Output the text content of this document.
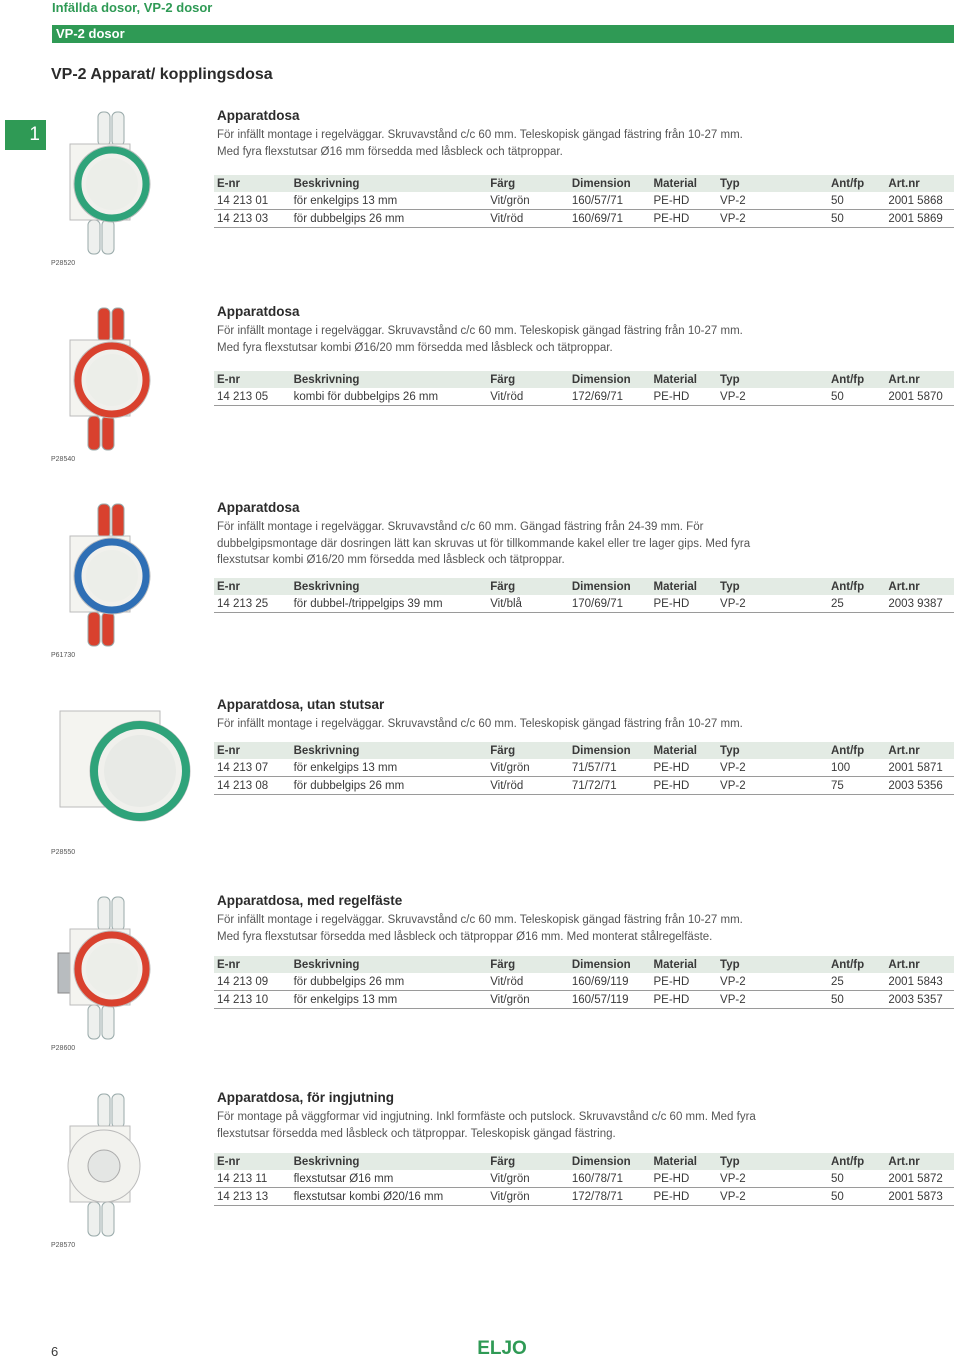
Infällda dosor, VP-2 dosor
VP-2 dosor
VP-2 Apparat/ kopplingsdosa
1
P28520
Apparatdosa
För infällt montage i regelväggar. Skruvavstånd c/c 60 mm. Teleskopisk gängad fästring från 10-27 mm. Med fyra flexstutsar Ø16 mm försedda med låsbleck och tätproppar.
E-nr	Beskrivning	Färg	Dimension	Material	Typ	Ant/fp	Art.nr
14 213 01	för enkelgips 13 mm	Vit/grön	160/57/71	PE-HD	VP-2	50	2001 5868
14 213 03	för dubbelgips 26 mm	Vit/röd	160/69/71	PE-HD	VP-2	50	2001 5869
P28540
Apparatdosa
För infällt montage i regelväggar. Skruvavstånd c/c 60 mm. Teleskopisk gängad fästring från 10-27 mm. Med fyra flexstutsar kombi Ø16/20 mm försedda med låsbleck och tätproppar.
E-nr	Beskrivning	Färg	Dimension	Material	Typ	Ant/fp	Art.nr
14 213 05	kombi för dubbelgips 26 mm	Vit/röd	172/69/71	PE-HD	VP-2	50	2001 5870
P61730
Apparatdosa
För infällt montage i regelväggar. Skruvavstånd c/c 60 mm. Gängad fästring från 24-39 mm. För dubbelgipsmontage där dosringen lätt kan skruvas ut för tillkommande kakel eller tre lager gips. Med fyra flexstutsar kombi Ø16/20 mm försedda med låsbleck och tätproppar.
E-nr	Beskrivning	Färg	Dimension	Material	Typ	Ant/fp	Art.nr
14 213 25	för dubbel-/trippelgips 39 mm	Vit/blå	170/69/71	PE-HD	VP-2	25	2003 9387
P28550
Apparatdosa, utan stutsar
För infällt montage i regelväggar. Skruvavstånd c/c 60 mm. Teleskopisk gängad fästring från 10-27 mm.
E-nr	Beskrivning	Färg	Dimension	Material	Typ	Ant/fp	Art.nr
14 213 07	för enkelgips 13 mm	Vit/grön	71/57/71	PE-HD	VP-2	100	2001 5871
14 213 08	för dubbelgips 26 mm	Vit/röd	71/72/71	PE-HD	VP-2	75	2003 5356
P28600
Apparatdosa, med regelfäste
För infällt montage i regelväggar. Skruvavstånd c/c 60 mm. Teleskopisk gängad fästring från 10-27 mm. Med fyra flexstutsar försedda med låsbleck och tätproppar Ø16 mm. Med monterat stålregelfäste.
E-nr	Beskrivning	Färg	Dimension	Material	Typ	Ant/fp	Art.nr
14 213 09	för dubbelgips 26 mm	Vit/röd	160/69/119	PE-HD	VP-2	25	2001 5843
14 213 10	för enkelgips 13 mm	Vit/grön	160/57/119	PE-HD	VP-2	50	2003 5357
P28570
Apparatdosa, för ingjutning
För montage på väggformar vid ingjutning. Inkl formfäste och putslock. Skruvavstånd c/c 60 mm. Med fyra flexstutsar försedda med låsbleck och tätproppar. Teleskopisk gängad fästring.
E-nr	Beskrivning	Färg	Dimension	Material	Typ	Ant/fp	Art.nr
14 213 11	flexstutsar Ø16 mm	Vit/grön	160/78/71	PE-HD	VP-2	50	2001 5872
14 213 13	flexstutsar kombi Ø20/16 mm	Vit/grön	172/78/71	PE-HD	VP-2	50	2001 5873
6	ELJO
